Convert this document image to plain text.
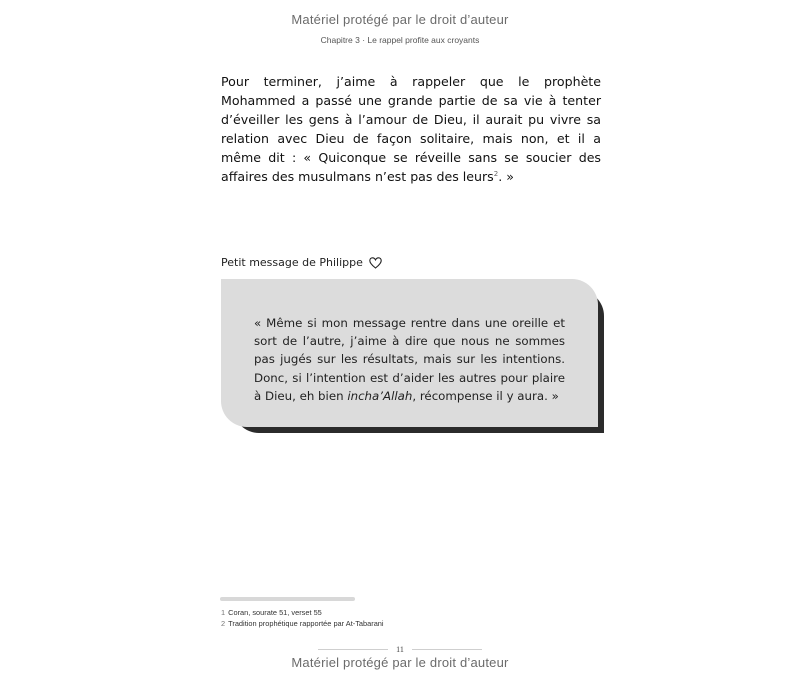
Matériel protégé par le droit d’auteur
Chapitre 3 · Le rappel profite aux croyants

Pour terminer, j’aime à rappeler que le prophète Mohammed a passé une grande partie de sa vie à tenter d’éveiller les gens à l’amour de Dieu, il aurait pu vivre sa relation avec Dieu de façon solitaire, mais non, et il a même dit : « Quiconque se réveille sans se soucier des affaires des musulmans n’est pas des leurs$^2$. »

Petit message de Philippe

« Même si mon message rentre dans une oreille et sort de l’autre, j’aime à dire que nous ne sommes pas jugés sur les résultats, mais sur les intentions. Donc, si l’intention est d’aider les autres pour plaire à Dieu, eh bien incha’Allah, récompense il y aura. »

1 Coran, sourate 51, verset 55
2 Tradition prophétique rapportée par At-Tabarani
11
Matériel protégé par le droit d’auteur
